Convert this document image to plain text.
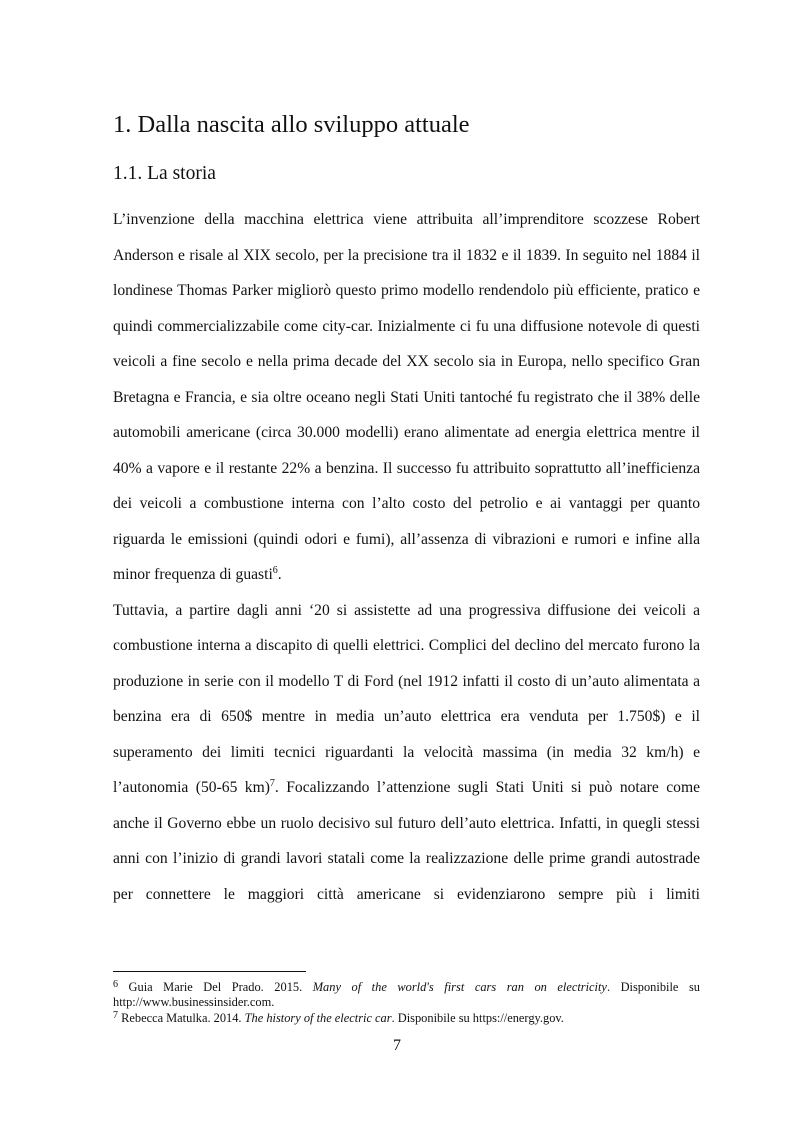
1. Dalla nascita allo sviluppo attuale
1.1. La storia

L’invenzione della macchina elettrica viene attribuita all’imprenditore scozzese Robert Anderson e risale al XIX secolo, per la precisione tra il 1832 e il 1839. In seguito nel 1884 il londinese Thomas Parker migliorò questo primo modello rendendolo più efficiente, pratico e quindi commercializzabile come city-car. Inizialmente ci fu una diffusione notevole di questi veicoli a fine secolo e nella prima decade del XX secolo sia in Europa, nello specifico Gran Bretagna e Francia, e sia oltre oceano negli Stati Uniti tantoché fu registrato che il 38% delle automobili americane (circa 30.000 modelli) erano alimentate ad energia elettrica mentre il 40% a vapore e il restante 22% a benzina. Il successo fu attribuito soprattutto all’inefficienza dei veicoli a combustione interna con l’alto costo del petrolio e ai vantaggi per quanto riguarda le emissioni (quindi odori e fumi), all’assenza di vibrazioni e rumori e infine alla minor frequenza di guasti$^6$.

Tuttavia, a partire dagli anni ‘20 si assistette ad una progressiva diffusione dei veicoli a combustione interna a discapito di quelli elettrici. Complici del declino del mercato furono la produzione in serie con il modello T di Ford (nel 1912 infatti il costo di un’auto alimentata a benzina era di 650$ mentre in media un’auto elettrica era venduta per 1.750$) e il superamento dei limiti tecnici riguardanti la velocità massima (in media 32 km/h) e l’autonomia (50-65 km)$^7$. Focalizzando l’attenzione sugli Stati Uniti si può notare come anche il Governo ebbe un ruolo decisivo sul futuro dell’auto elettrica. Infatti, in quegli stessi anni con l’inizio di grandi lavori statali come la realizzazione delle prime grandi autostrade per connettere le maggiori città americane si evidenziarono sempre più i limiti

$^6$ Guia Marie Del Prado. 2015. Many of the world's first cars ran on electricity. Disponibile su http://www.businessinsider.com.

$^7$ Rebecca Matulka. 2014. The history of the electric car. Disponibile su https://energy.gov.

7
